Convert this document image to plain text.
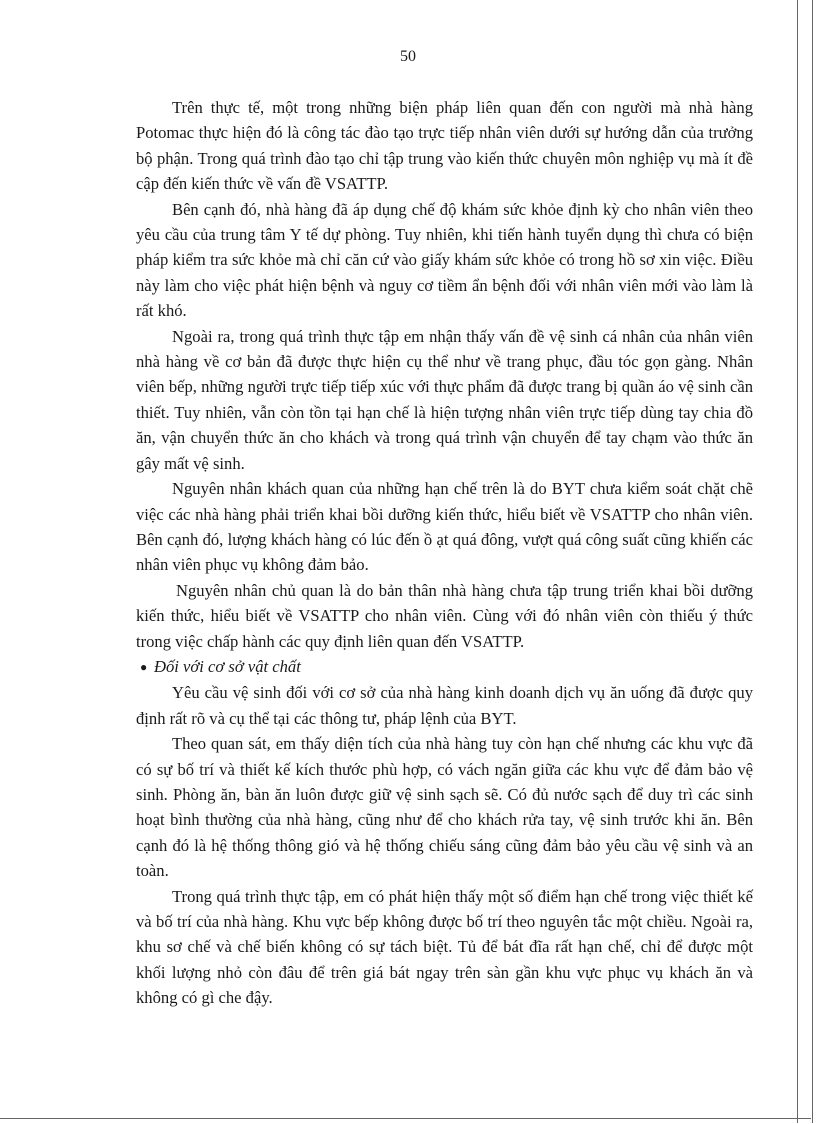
50

Trên thực tế, một trong những biện pháp liên quan đến con người mà nhà hàng Potomac thực hiện đó là công tác đào tạo trực tiếp nhân viên dưới sự hướng dẫn của trưởng bộ phận. Trong quá trình đào tạo chỉ tập trung vào kiến thức chuyên môn nghiệp vụ mà ít đề cập đến kiến thức về vấn đề VSATTP.

Bên cạnh đó, nhà hàng đã áp dụng chế độ khám sức khỏe định kỳ cho nhân viên theo yêu cầu của trung tâm Y tế dự phòng. Tuy nhiên, khi tiến hành tuyển dụng thì chưa có biện pháp kiểm tra sức khỏe mà chỉ căn cứ vào giấy khám sức khỏe có trong hồ sơ xin việc. Điều này làm cho việc phát hiện bệnh và nguy cơ tiềm ẩn bệnh đối với nhân viên mới vào làm là rất khó.

Ngoài ra, trong quá trình thực tập em nhận thấy vấn đề vệ sinh cá nhân của nhân viên nhà hàng về cơ bản đã được thực hiện cụ thể như về trang phục, đầu tóc gọn gàng. Nhân viên bếp, những người trực tiếp tiếp xúc với thực phẩm đã được trang bị quần áo vệ sinh cần thiết. Tuy nhiên, vẫn còn tồn tại hạn chế là hiện tượng nhân viên trực tiếp dùng tay chia đồ ăn, vận chuyển thức ăn cho khách và trong quá trình vận chuyển để tay chạm vào thức ăn gây mất vệ sinh.

Nguyên nhân khách quan của những hạn chế trên là do BYT chưa kiểm soát chặt chẽ việc các nhà hàng phải triển khai bồi dưỡng kiến thức, hiểu biết về VSATTP cho nhân viên. Bên cạnh đó, lượng khách hàng có lúc đến ồ ạt quá đông, vượt quá công suất cũng khiến các nhân viên phục vụ không đảm bảo.

Nguyên nhân chủ quan là do bản thân nhà hàng chưa tập trung triển khai bồi dưỡng kiến thức, hiểu biết về VSATTP cho nhân viên. Cùng với đó nhân viên còn thiếu ý thức trong việc chấp hành các quy định liên quan đến VSATTP.

● Đối với cơ sở vật chất

Yêu cầu vệ sinh đối với cơ sở của nhà hàng kinh doanh dịch vụ ăn uống đã được quy định rất rõ và cụ thể tại các thông tư, pháp lệnh của BYT.

Theo quan sát, em thấy diện tích của nhà hàng tuy còn hạn chế nhưng các khu vực đã có sự bố trí và thiết kế kích thước phù hợp, có vách ngăn giữa các khu vực để đảm bảo vệ sinh. Phòng ăn, bàn ăn luôn được giữ vệ sinh sạch sẽ. Có đủ nước sạch để duy trì các sinh hoạt bình thường của nhà hàng, cũng như để cho khách rửa tay, vệ sinh trước khi ăn. Bên cạnh đó là hệ thống thông gió và hệ thống chiếu sáng cũng đảm bảo yêu cầu vệ sinh và an toàn.

Trong quá trình thực tập, em có phát hiện thấy một số điểm hạn chế trong việc thiết kế và bố trí của nhà hàng. Khu vực bếp không được bố trí theo nguyên tắc một chiều. Ngoài ra, khu sơ chế và chế biến không có sự tách biệt. Tủ để bát đĩa rất hạn chế, chỉ để được một khối lượng nhỏ còn đâu để trên giá bát ngay trên sàn gần khu vực phục vụ khách ăn và không có gì che đậy.
